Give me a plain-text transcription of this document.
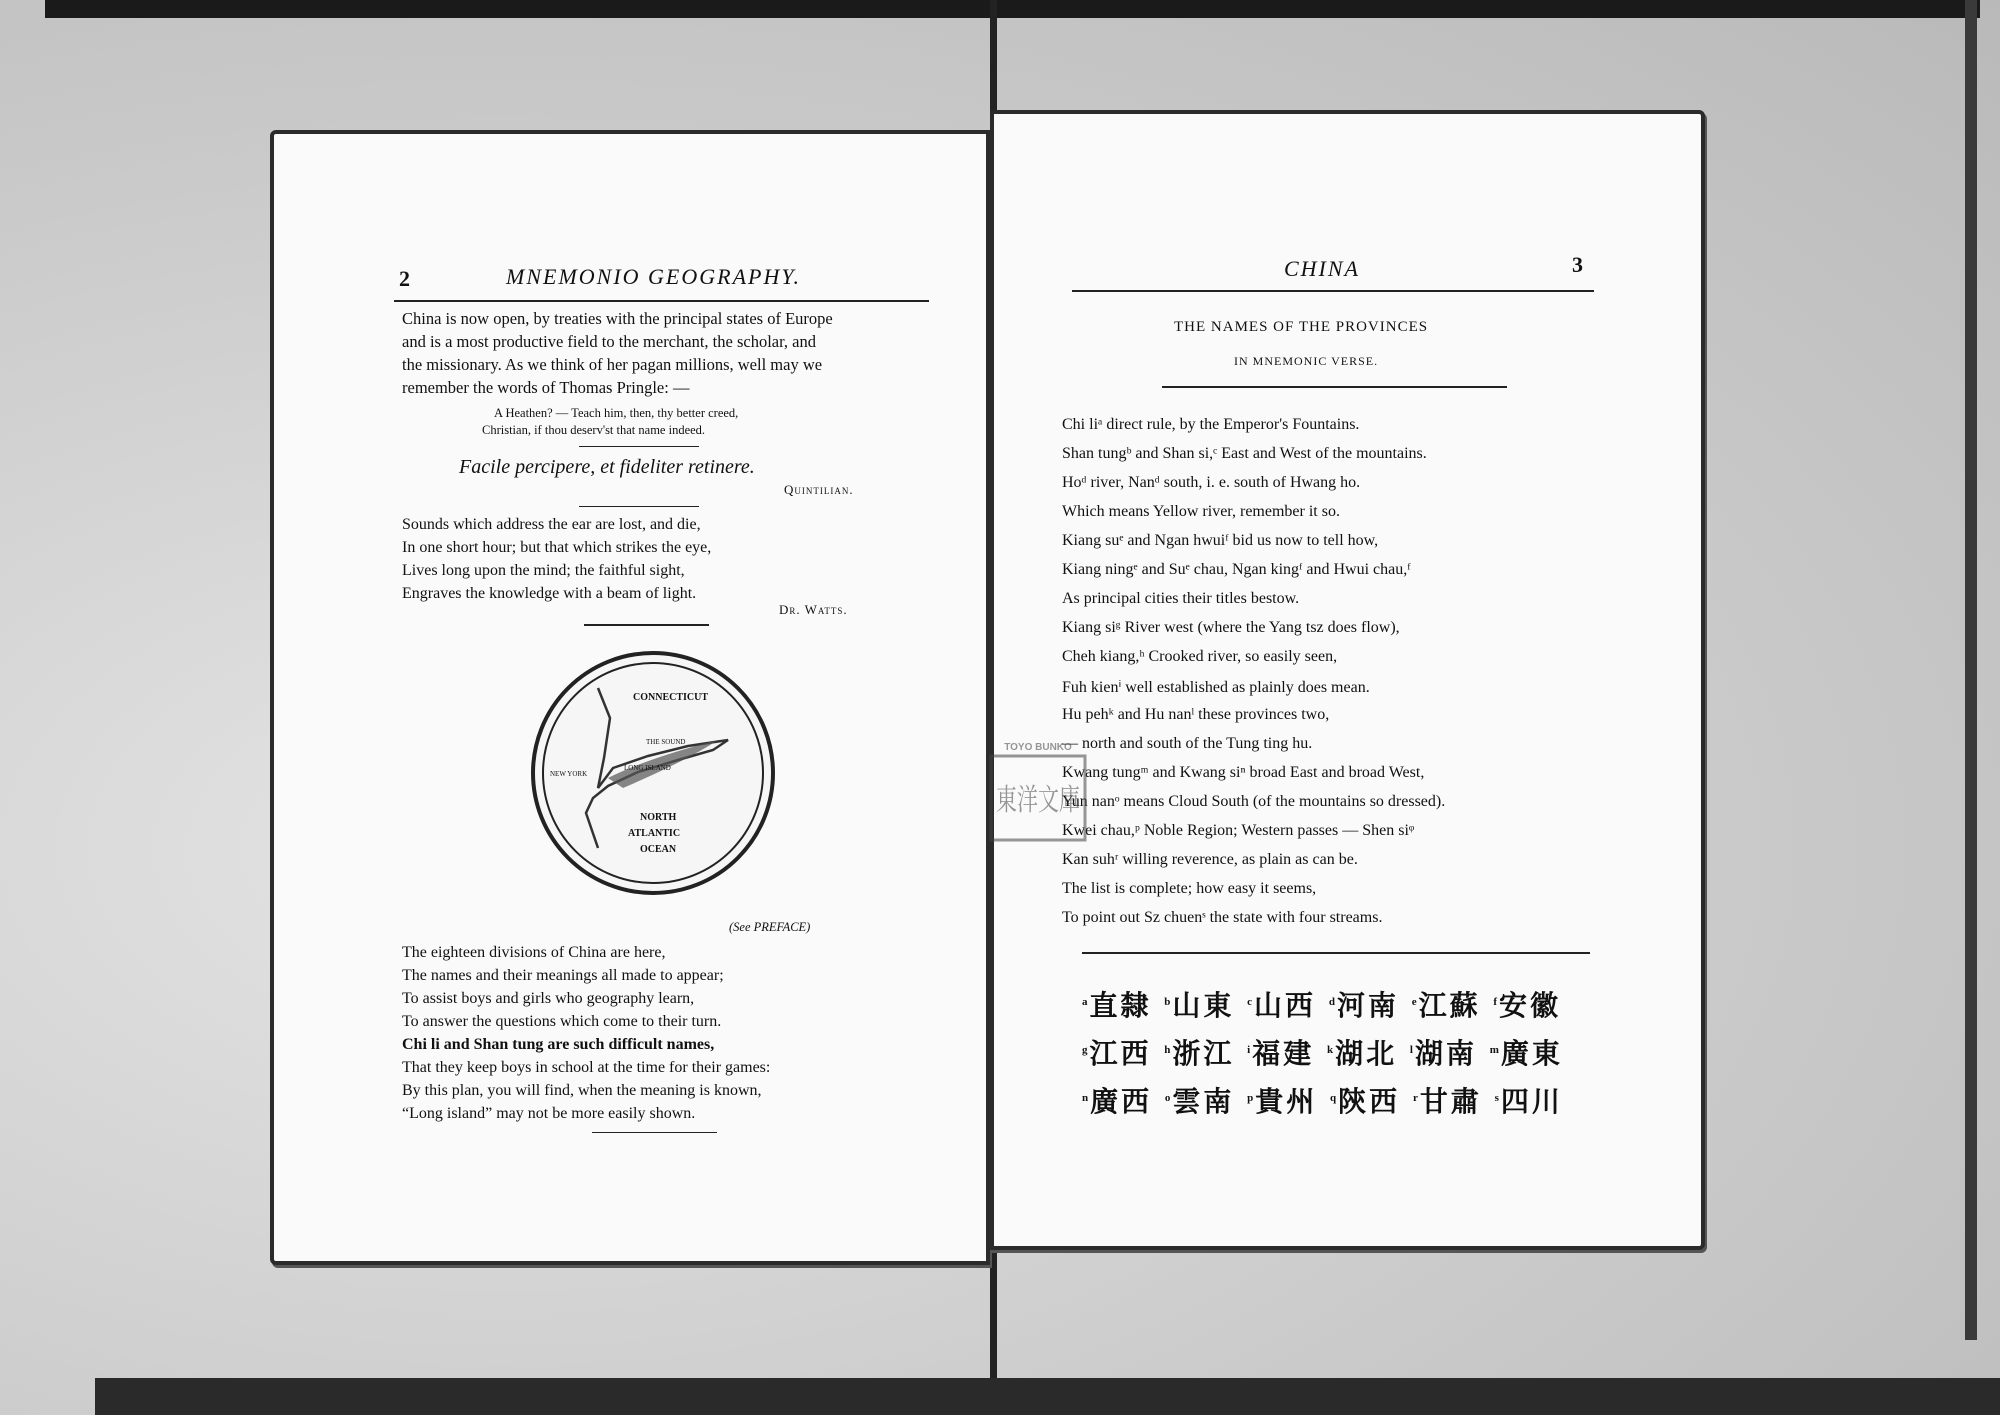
2	MNEMONIO GEOGRAPHY.
China is now open, by treaties with the principal states of Europe
and is a most productive field to the merchant, the scholar, and
the missionary. As we think of her pagan millions, well may we
remember the words of Thomas Pringle: —
A Heathen? — Teach him, then, thy better creed,
Christian, if thou deserv'st that name indeed.
Facile percipere, et fideliter retinere.
Quintilian.
Sounds which address the ear are lost, and die,
In one short hour; but that which strikes the eye,
Lives long upon the mind; the faithful sight,
Engraves the knowledge with a beam of light.
Dr. Watts.
(See PREFACE)
The eighteen divisions of China are here,
The names and their meanings all made to appear;
To assist boys and girls who geography learn,
To answer the questions which come to their turn.
Chi li and Shan tung are such difficult names,
That they keep boys in school at the time for their games:
By this plan, you will find, when the meaning is known,
“Long island” may not be more easily shown.
CONNECTICUT
THE SOUND
LONG ISLAND
NEW YORK
NORTH
ATLANTIC
OCEAN
CHINA	3
THE NAMES OF THE PROVINCES
IN MNEMONIC VERSE.
Chi liᵃ direct rule, by the Emperor's Fountains.
Shan tungᵇ and Shan si,ᶜ East and West of the mountains.
Hoᵈ river, Nanᵈ south, i. e. south of Hwang ho.
Which means Yellow river, remember it so.
Kiang suᵉ and Ngan hwuiᶠ bid us now to tell how,
Kiang ningᵉ and Suᵉ chau, Ngan kingᶠ and Hwui chau,ᶠ
As principal cities their titles bestow.
Kiang siᵍ River west (where the Yang tsz does flow),
Cheh kiang,ʰ Crooked river, so easily seen,
Fuh kienⁱ well established as plainly does mean.
Hu pehᵏ and Hu nanˡ these provinces two,
— north and south of the Tung ting hu.
Kwang tungᵐ and Kwang siⁿ broad East and broad West,
Yun nanᵒ means Cloud South (of the mountains so dressed).
Kwei chau,ᵖ Noble Region; Western passes — Shen siᵠ
Kan suhʳ willing reverence, as plain as can be.
The list is complete; how easy it seems,
To point out Sz chuenˢ the state with four streams.
$^a$直隸 $^b$山東 $^c$山西 $^d$河南 $^e$江蘇 $^f$安徽
$^g$江西 $^h$浙江 $^i$福建 $^k$湖北 $^l$湖南 $^m$廣東
$^n$廣西 $^o$雲南 $^p$貴州 $^q$陝西 $^r$甘肅 $^s$四川
TOYO BUNKO
東洋文庫
